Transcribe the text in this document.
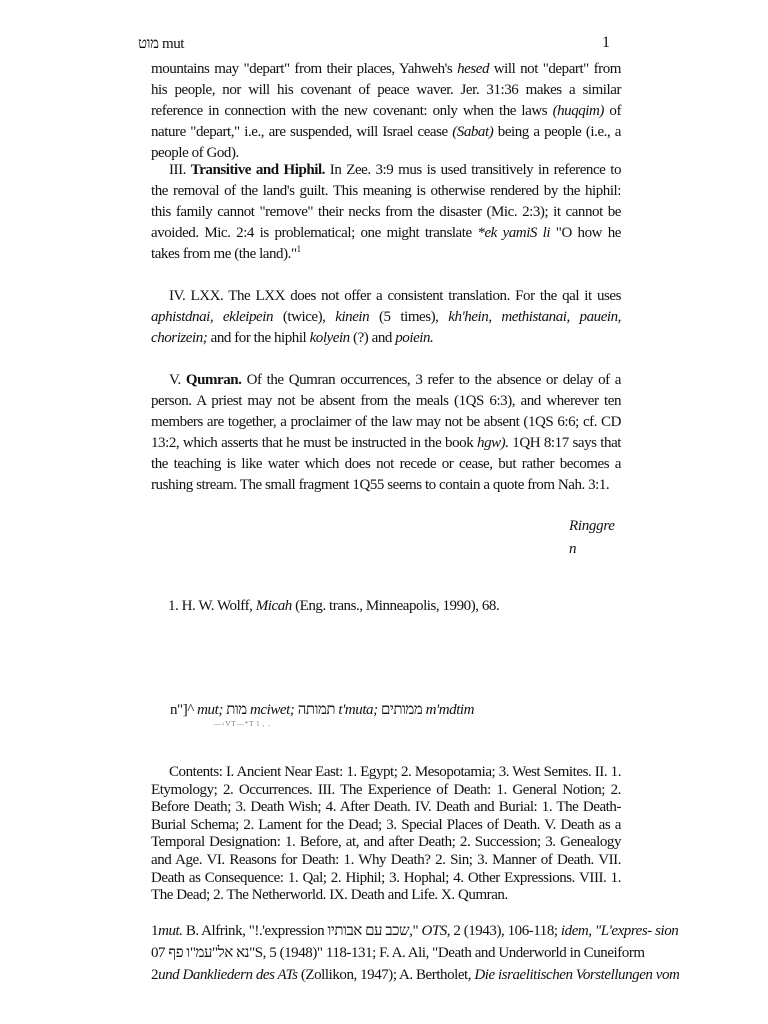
מוט mut	1

mountains may "depart" from their places, Yahweh's hesed will not "depart" from his people, nor will his covenant of peace waver. Jer. 31:36 makes a similar reference in connection with the new covenant: only when the laws (huqqim) of nature "depart," i.e., are suspended, will Israel cease (Sabat) being a people (i.e., a people of God).

III. Transitive and Hiphil. In Zee. 3:9 mus is used transitively in reference to the removal of the land's guilt. This meaning is otherwise rendered by the hiphil: this family cannot "remove" their necks from the disaster (Mic. 2:3); it cannot be avoided. Mic. 2:4 is problematical; one might translate *ek yamiS li "O how he takes from me (the land)."$^1$

IV. LXX. The LXX does not offer a consistent translation. For the qal it uses aphistdnai, ekleipein (twice), kinein (5 times), kh'hein, methistanai, pauein, chorizein; and for the hiphil kolyein (?) and poiein.

V. Qumran. Of the Qumran occurrences, 3 refer to the absence or delay of a person. A priest may not be absent from the meals (1QS 6:3), and wherever ten members are together, a proclaimer of the law may not be absent (1QS 6:6; cf. CD 13:2, which asserts that he must be instructed in the book hgw). 1QH 8:17 says that the teaching is like water which does not recede or cease, but rather becomes a rushing stream. The small fragment 1Q55 seems to contain a quote from Nah. 3:1.

Ringgre
n

1. H. W. Wolff, Micah (Eng. trans., Minneapolis, 1990), 68.

n"]^ mut; מות mciwet; תמותה t'muta; ממותים m'mdtim
—‹VT—*T l , ,

Contents: I. Ancient Near East: 1. Egypt; 2. Mesopotamia; 3. West Semites. II. 1. Etymology; 2. Occurrences. III. The Experience of Death: 1. General Notion; 2. Before Death; 3. Death Wish; 4. After Death. IV. Death and Burial: 1. The Death-Burial Schema; 2. Lament for the Dead; 3. Special Places of Death. V. Death as a Temporal Designation: 1. Before, at, and after Death; 2. Succession; 3. Genealogy and Age. VI. Reasons for Death: 1. Why Death? 2. Sin; 3. Manner of Death. VII. Death as Consequence: 1. Qal; 2. Hiphil; 3. Hophal; 4. Other Expressions. VIII. 1. The Dead; 2. The Netherworld. IX. Death and Life. X. Qumran.

1mut. B. Alfrink, "!.'expression שכב עם אבותיו," OTS, 2 (1943), 106-118; idem, "L'expres- sion
07 נא אל"עמ"ו פף"S, 5 (1948)" 118-131; F. A. Ali, "Death and Underworld in Cuneiform
2und Dankliedern des ATs (Zollikon, 1947); A. Bertholet, Die israelitischen Vorstellungen vom
